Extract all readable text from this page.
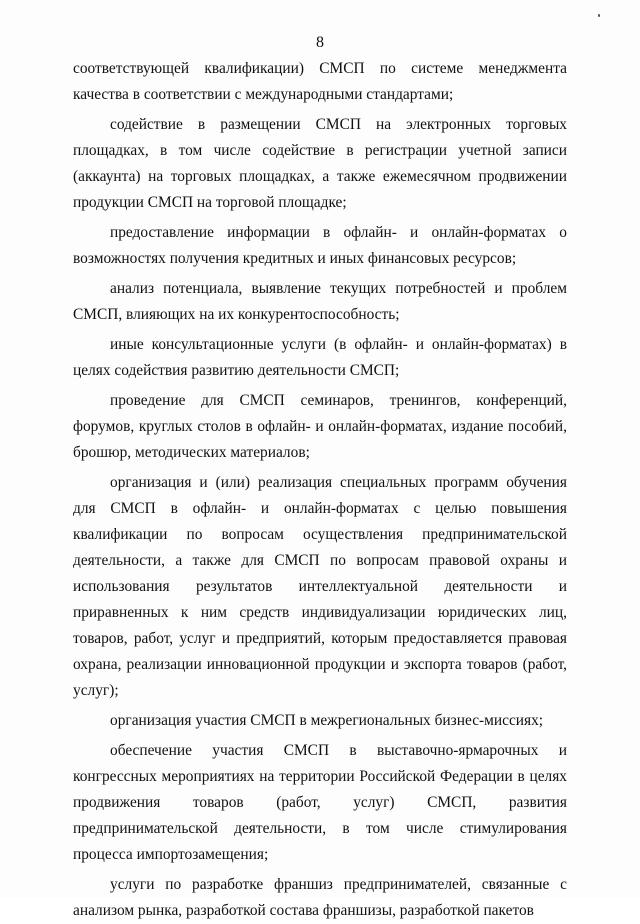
8

соответствующей квалификации) СМСП по системе менеджмента качества в соответствии с международными стандартами;

содействие в размещении СМСП на электронных торговых площадках, в том числе содействие в регистрации учетной записи (аккаунта) на торговых площадках, а также ежемесячном продвижении продукции СМСП на торговой площадке;

предоставление информации в офлайн- и онлайн-форматах о возможностях получения кредитных и иных финансовых ресурсов;

анализ потенциала, выявление текущих потребностей и проблем СМСП, влияющих на их конкурентоспособность;

иные консультационные услуги (в офлайн- и онлайн-форматах) в целях содействия развитию деятельности СМСП;

проведение для СМСП семинаров, тренингов, конференций, форумов, круглых столов в офлайн- и онлайн-форматах, издание пособий, брошюр, методических материалов;

организация и (или) реализация специальных программ обучения для СМСП в офлайн- и онлайн-форматах с целью повышения квалификации по вопросам осуществления предпринимательской деятельности, а также для СМСП по вопросам правовой охраны и использования результатов интеллектуальной деятельности и приравненных к ним средств индивидуализации юридических лиц, товаров, работ, услуг и предприятий, которым предоставляется правовая охрана, реализации инновационной продукции и экспорта товаров (работ, услуг);

организация участия СМСП в межрегиональных бизнес-миссиях;

обеспечение участия СМСП в выставочно-ярмарочных и конгрессных мероприятиях на территории Российской Федерации в целях продвижения товаров (работ, услуг) СМСП, развития предпринимательской деятельности, в том числе стимулирования процесса импортозамещения;

услуги по разработке франшиз предпринимателей, связанные с анализом рынка, разработкой состава франшизы, разработкой пакетов
